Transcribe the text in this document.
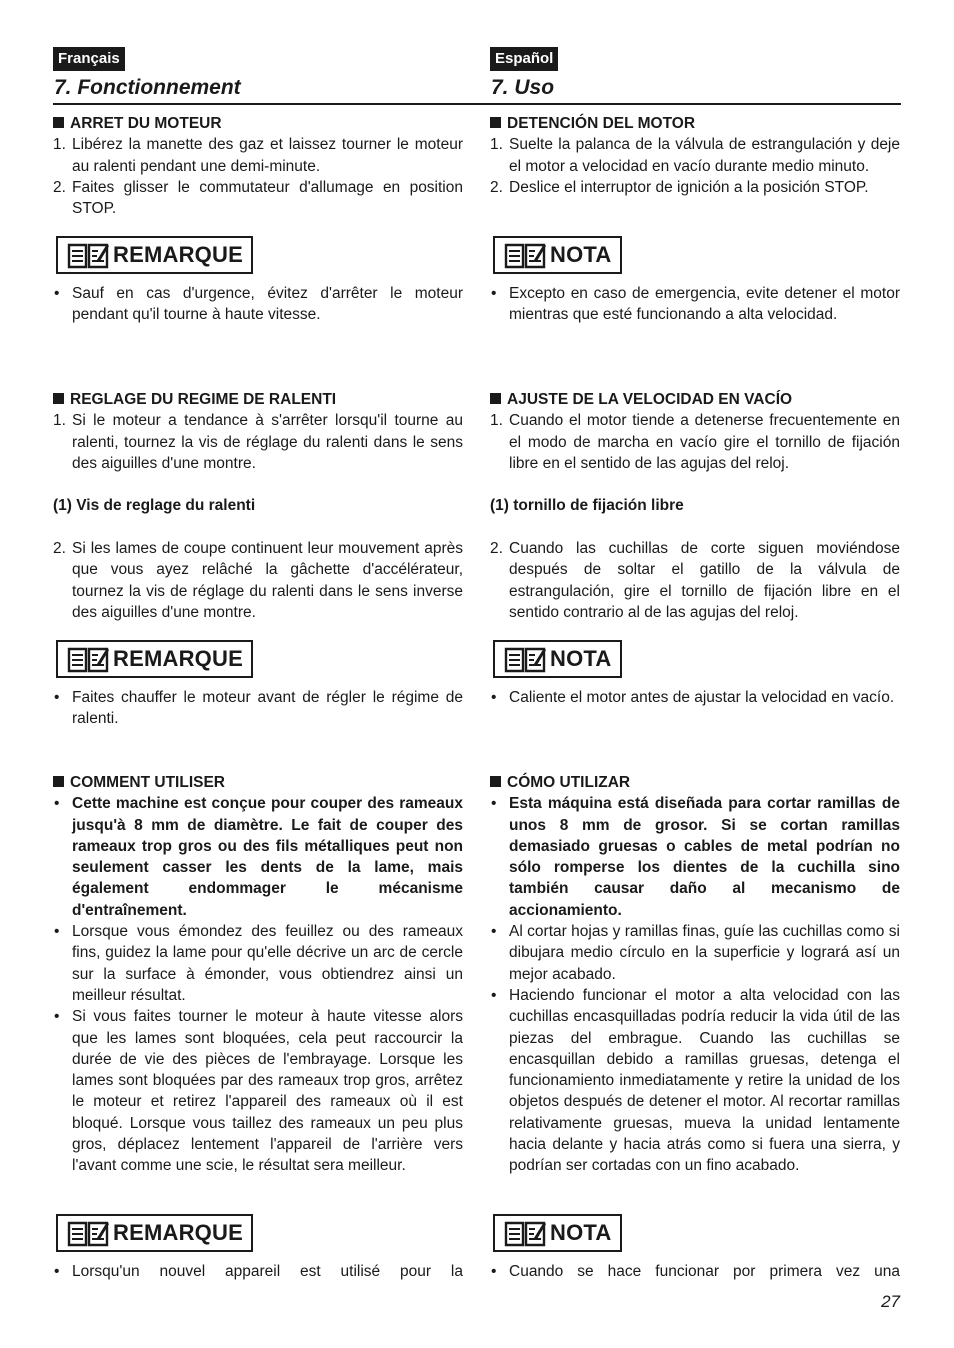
Français
7. Fonctionnement
ARRET DU MOTEUR
1. Libérez la manette des gaz et laissez tourner le moteur au ralenti pendant une demi-minute.
2. Faites glisser le commutateur d'allumage en position STOP.
REMARQUE
• Sauf en cas d'urgence, évitez d'arrêter le moteur pendant qu'il tourne à haute vitesse.
REGLAGE DU REGIME DE RALENTI
1. Si le moteur a tendance à s'arrêter lorsqu'il tourne au ralenti, tournez la vis de réglage du ralenti dans le sens des aiguilles d'une montre.
(1) Vis de reglage du ralenti
2. Si les lames de coupe continuent leur mouvement après que vous ayez relâché la gâchette d'accélérateur, tournez la vis de réglage du ralenti dans le sens inverse des aiguilles d'une montre.
REMARQUE
• Faites chauffer le moteur avant de régler le régime de ralenti.
COMMENT UTILISER
• Cette machine est conçue pour couper des rameaux jusqu'à 8 mm de diamètre. Le fait de couper des rameaux trop gros ou des fils métalliques peut non seulement casser les dents de la lame, mais également endommager le mécanisme d'entraînement.
• Lorsque vous émondez des feuillez ou des rameaux fins, guidez la lame pour qu'elle décrive un arc de cercle sur la surface à émonder, vous obtiendrez ainsi un meilleur résultat.
• Si vous faites tourner le moteur à haute vitesse alors que les lames sont bloquées, cela peut raccourcir la durée de vie des pièces de l'embrayage. Lorsque les lames sont bloquées par des rameaux trop gros, arrêtez le moteur et retirez l'appareil des rameaux où il est bloqué. Lorsque vous taillez des rameaux un peu plus gros, déplacez lentement l'appareil de l'arrière vers l'avant comme une scie, le résultat sera meilleur.
REMARQUE
• Lorsqu'un nouvel appareil est utilisé pour la
Español
7. Uso
DETENCIÓN DEL MOTOR
1. Suelte la palanca de la válvula de estrangulación y deje el motor a velocidad en vacío durante medio minuto.
2. Deslice el interruptor de ignición a la posición STOP.
NOTA
• Excepto en caso de emergencia, evite detener el motor mientras que esté funcionando a alta velocidad.
AJUSTE DE LA VELOCIDAD EN VACÍO
1. Cuando el motor tiende a detenerse frecuentemente en el modo de marcha en vacío gire el tornillo de fijación libre en el sentido de las agujas del reloj.
(1) tornillo de fijación libre
2. Cuando las cuchillas de corte siguen moviéndose después de soltar el gatillo de la válvula de estrangulación, gire el tornillo de fijación libre en el sentido contrario al de las agujas del reloj.
NOTA
• Caliente el motor antes de ajustar la velocidad en vacío.
CÓMO UTILIZAR
• Esta máquina está diseñada para cortar ramillas de unos 8 mm de grosor. Si se cortan ramillas demasiado gruesas o cables de metal podrían no sólo romperse los dientes de la cuchilla sino también causar daño al mecanismo de accionamiento.
• Al cortar hojas y ramillas finas, guíe las cuchillas como si dibujara medio círculo en la superficie y logrará así un mejor acabado.
• Haciendo funcionar el motor a alta velocidad con las cuchillas encasquilladas podría reducir la vida útil de las piezas del embrague. Cuando las cuchillas se encasquillan debido a ramillas gruesas, detenga el funcionamiento inmediatamente y retire la unidad de los objetos después de detener el motor. Al recortar ramillas relativamente gruesas, mueva la unidad lentamente hacia delante y hacia atrás como si fuera una sierra, y podrían ser cortadas con un fino acabado.
NOTA
• Cuando se hace funcionar por primera vez una
27
